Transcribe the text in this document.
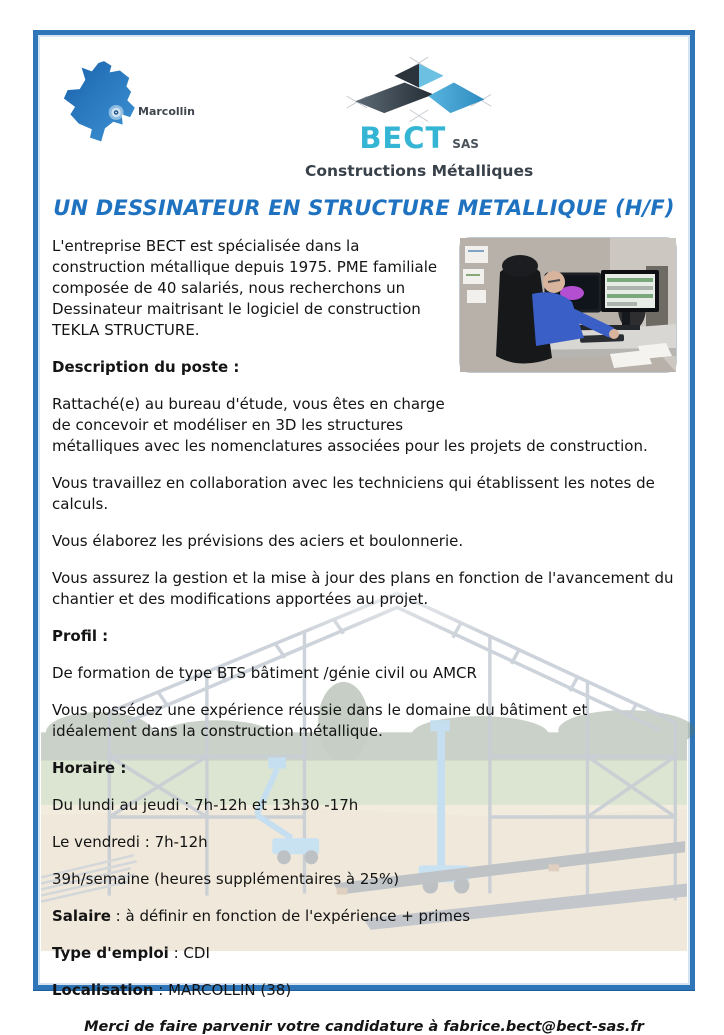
Marcollin
BECT SAS
Constructions Métalliques
UN DESSINATEUR EN STRUCTURE METALLIQUE (H/F)

L'entreprise BECT est spécialisée dans la construction métallique depuis 1975. PME familiale composée de 40 salariés, nous recherchons un Dessinateur maitrisant le logiciel de construction TEKLA STRUCTURE.

Description du poste :

Rattaché(e) au bureau d'étude, vous êtes en charge de concevoir et modéliser en 3D les structures métalliques avec les nomenclatures associées pour les projets de construction.

Vous travaillez en collaboration avec les techniciens qui établissent les notes de calculs.

Vous élaborez les prévisions des aciers et boulonnerie.

Vous assurez la gestion et la mise à jour des plans en fonction de l'avancement du chantier et des modifications apportées au projet.

Profil :

De formation de type BTS bâtiment /génie civil ou AMCR

Vous possédez une expérience réussie dans le domaine du bâtiment et idéalement dans la construction métallique.

Horaire :

Du lundi au jeudi : 7h-12h et 13h30 -17h

Le vendredi : 7h-12h

39h/semaine (heures supplémentaires à 25%)

Salaire : à définir en fonction de l'expérience + primes

Type d'emploi : CDI

Localisation : MARCOLLIN (38)

Merci de faire parvenir votre candidature à fabrice.bect@bect-sas.fr
